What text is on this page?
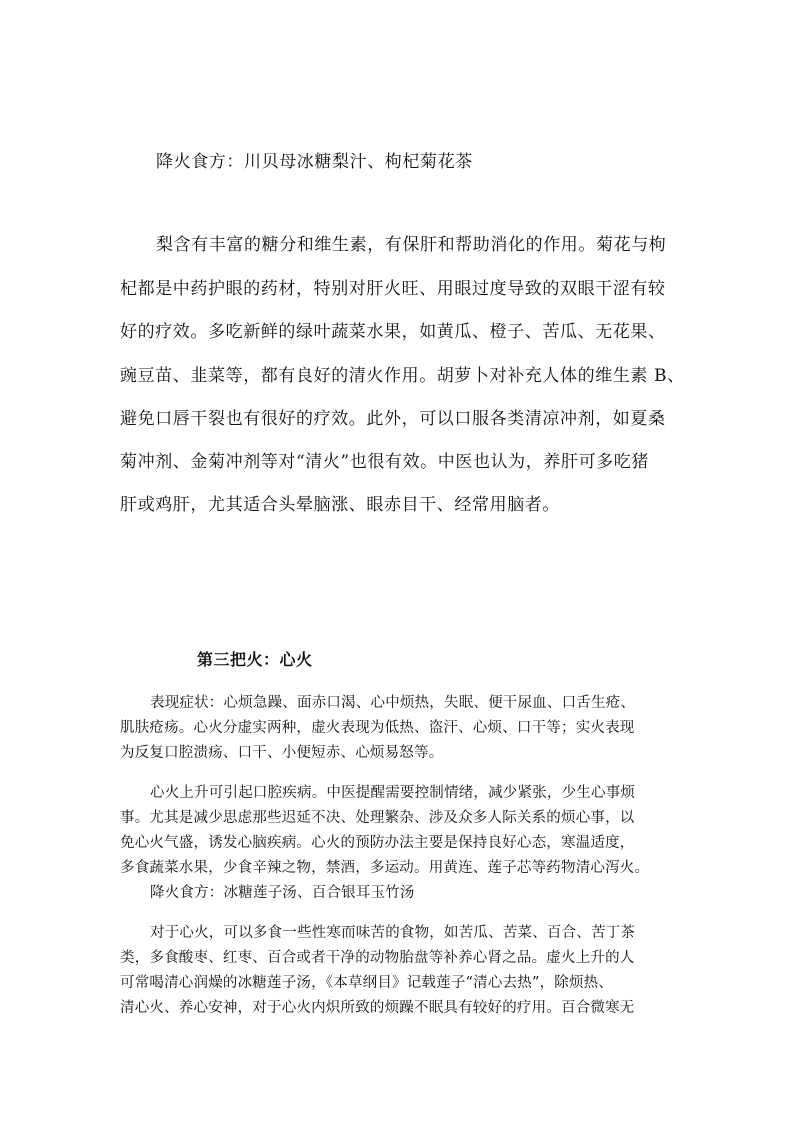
降火食方：川贝母冰糖梨汁、枸杞菊花茶

梨含有丰富的糖分和维生素，有保肝和帮助消化的作用。菊花与枸

杞都是中药护眼的药材，特别对肝火旺、用眼过度导致的双眼干涩有较

好的疗效。多吃新鲜的绿叶蔬菜水果，如黄瓜、橙子、苦瓜、无花果、

豌豆苗、韭菜等，都有良好的清火作用。胡萝卜对补充人体的维生素 B、

避免口唇干裂也有很好的疗效。此外，可以口服各类清凉冲剂，如夏桑

菊冲剂、金菊冲剂等对“清火”也很有效。中医也认为，养肝可多吃猪

肝或鸡肝，尤其适合头晕脑涨、眼赤目干、经常用脑者。

第三把火：心火

表现症状：心烦急躁、面赤口渴、心中烦热，失眠、便干尿血、口舌生疮、

肌肤疮疡。心火分虚实两种，虚火表现为低热、盗汗、心烦、口干等；实火表现

为反复口腔溃疡、口干、小便短赤、心烦易怒等。

心火上升可引起口腔疾病。中医提醒需要控制情绪，减少紧张，少生心事烦

事。尤其是减少思虑那些迟延不决、处理繁杂、涉及众多人际关系的烦心事，以

免心火气盛，诱发心脑疾病。心火的预防办法主要是保持良好心态，寒温适度，

多食蔬菜水果，少食辛辣之物，禁酒，多运动。用黄连、莲子芯等药物清心泻火。

降火食方：冰糖莲子汤、百合银耳玉竹汤

对于心火，可以多食一些性寒而味苦的食物，如苦瓜、苦菜、百合、苦丁茶

类，多食酸枣、红枣、百合或者干净的动物胎盘等补养心肾之品。虚火上升的人

可常喝清心润燥的冰糖莲子汤，《本草纲目》记载莲子“清心去热”，除烦热、

清心火、养心安神，对于心火内炽所致的烦躁不眠具有较好的疗用。百合微寒无
